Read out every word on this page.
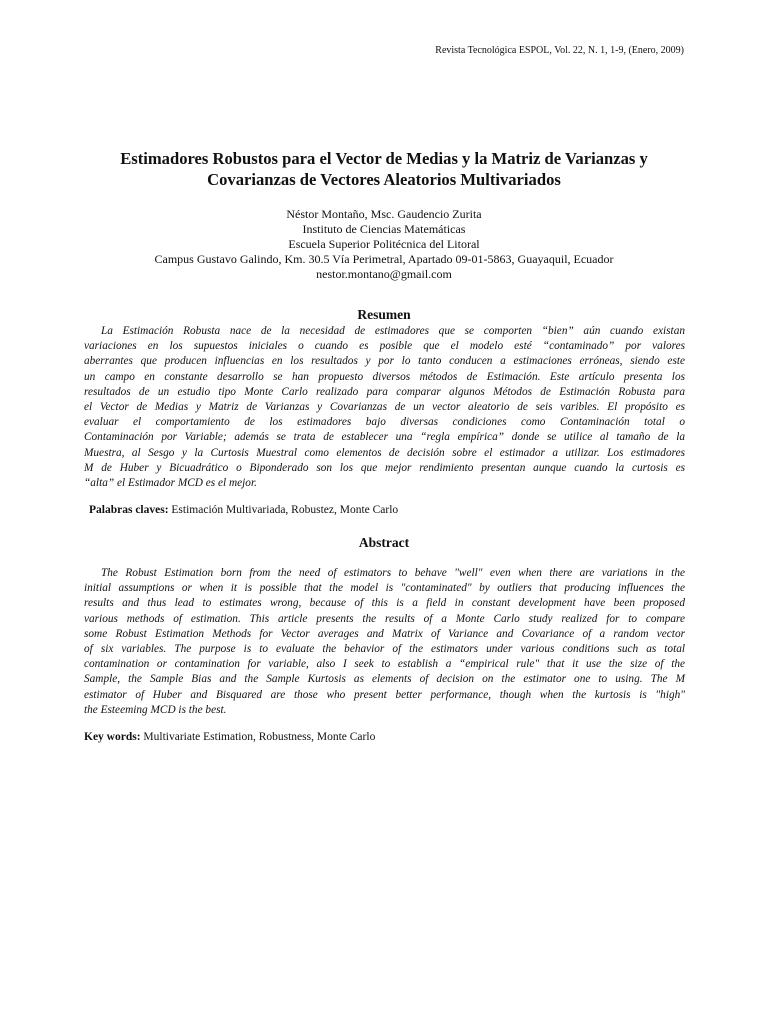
Revista Tecnológica ESPOL, Vol. 22, N. 1, 1-9, (Enero, 2009)
Estimadores Robustos para el Vector de Medias y la Matriz de Varianzas y
Covarianzas de Vectores Aleatorios Multivariados
Néstor Montaño, Msc. Gaudencio Zurita
Instituto de Ciencias Matemáticas
Escuela Superior Politécnica del Litoral
Campus Gustavo Galindo, Km. 30.5 Vía Perimetral, Apartado 09-01-5863, Guayaquil, Ecuador
nestor.montano@gmail.com
Resumen
La Estimación Robusta nace de la necesidad de estimadores que se comporten “bien” aún cuando existan
variaciones en los supuestos iniciales o cuando es posible que el modelo esté “contaminado” por valores
aberrantes que producen influencias en los resultados y por lo tanto conducen a estimaciones erróneas, siendo este
un campo en constante desarrollo se han propuesto diversos métodos de Estimación. Este artículo presenta los
resultados de un estudio tipo Monte Carlo realizado para comparar algunos Métodos de Estimación Robusta para
el Vector de Medias y Matriz de Varianzas y Covarianzas de un vector aleatorio de seis varibles. El propósito es
evaluar el comportamiento de los estimadores bajo diversas condiciones como Contaminación total o
Contaminación por Variable; además se trata de establecer una “regla empírica” donde se utilice al tamaño de la
Muestra, al Sesgo y la Curtosis Muestral como elementos de decisión sobre el estimador a utilizar. Los estimadores
M de Huber y Bicuadrático o Biponderado son los que mejor rendimiento presentan aunque cuando la curtosis es
“alta” el Estimador MCD es el mejor.
Palabras claves: Estimación Multivariada, Robustez, Monte Carlo
Abstract
The Robust Estimation born from the need of estimators to behave "well" even when there are variations in the
initial assumptions or when it is possible that the model is "contaminated" by outliers that producing influences the
results and thus lead to estimates wrong, because of this is a field in constant development have been proposed
various methods of estimation. This article presents the results of a Monte Carlo study realized for to compare
some Robust Estimation Methods for Vector averages and Matrix of Variance and Covariance of a random vector
of six variables. The purpose is to evaluate the behavior of the estimators under various conditions such as total
contamination or contamination for variable, also I seek to establish a “empirical rule" that it use the size of the
Sample, the Sample Bias and the Sample Kurtosis as elements of decision on the estimator one to using. The M
estimator of Huber and Bisquared are those who present better performance, though when the kurtosis is "high"
the Esteeming MCD is the best.
Key words: Multivariate Estimation, Robustness, Monte Carlo
